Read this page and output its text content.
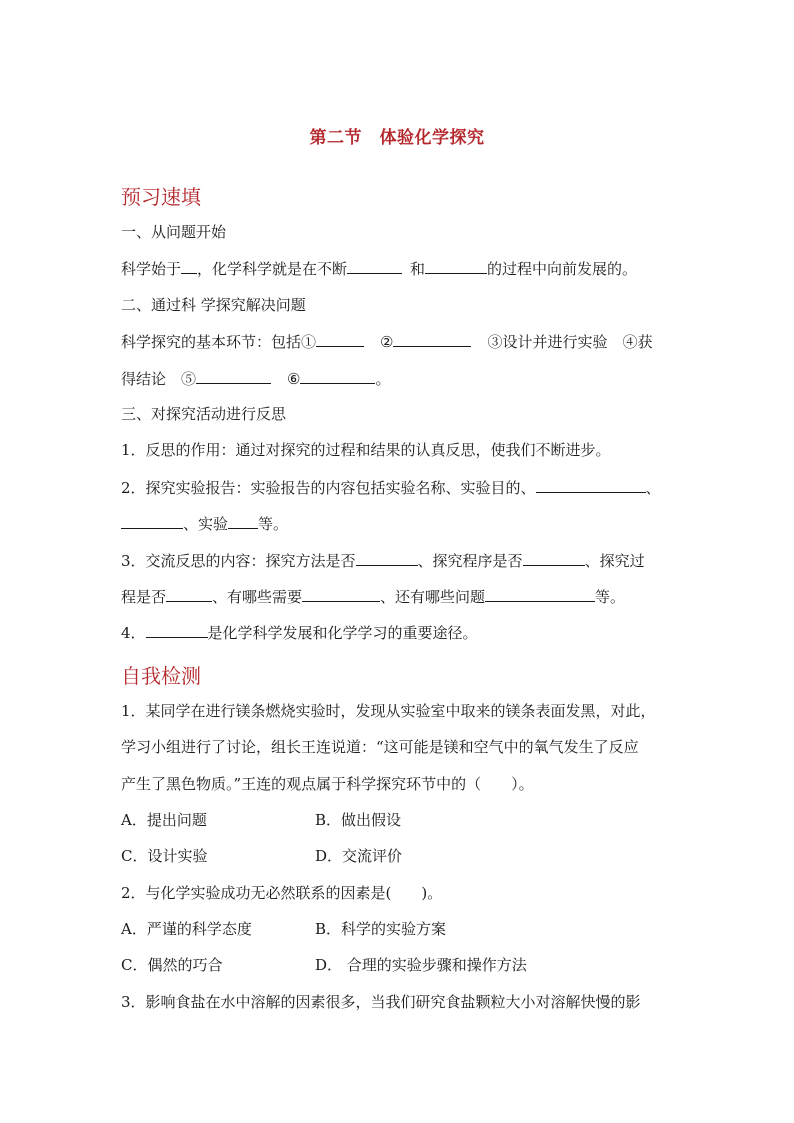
第二节　体验化学探究
预习速填
一、从问题开始
科学始于 ，化学科学就是在不断	和	的过程中向前发展的。
二、通过科 学探究解决问题
科学探究的基本环节：包括①	②	③设计并进行实验　④获
得结论　⑤	⑥	。
三、对探究活动进行反思
1．反思的作用：通过对探究的过程和结果的认真反思，使我们不断进步。
2．探究实验报告：实验报告的内容包括实验名称、实验目的、	、
、实验 等。
3．交流反思的内容：探究方法是否	、探究程序是否	、探究过
程是否	、有哪些需要	、还有哪些问题	等。
4．	是化学科学发展和化学学习的重要途径。
自我检测
1．某同学在进行镁条燃烧实验时，发现从实验室中取来的镁条表面发黑，对此，
学习小组进行了讨论，组长王连说道：“这可能是镁和空气中的氧气发生了反应
产生了黑色物质。”王连的观点属于科学探究环节中的（　　）。
A．提出问题	B．做出假设
C．设计实验	D．交流评价
2．与化学实验成功无必然联系的因素是(　　)。
A．严谨的科学态度	B．科学的实验方案
C．偶然的巧合	D． 合理的实验步骤和操作方法
3．影响食盐在水中溶解的因素很多，当我们研究食盐颗粒大小对溶解快慢的影
